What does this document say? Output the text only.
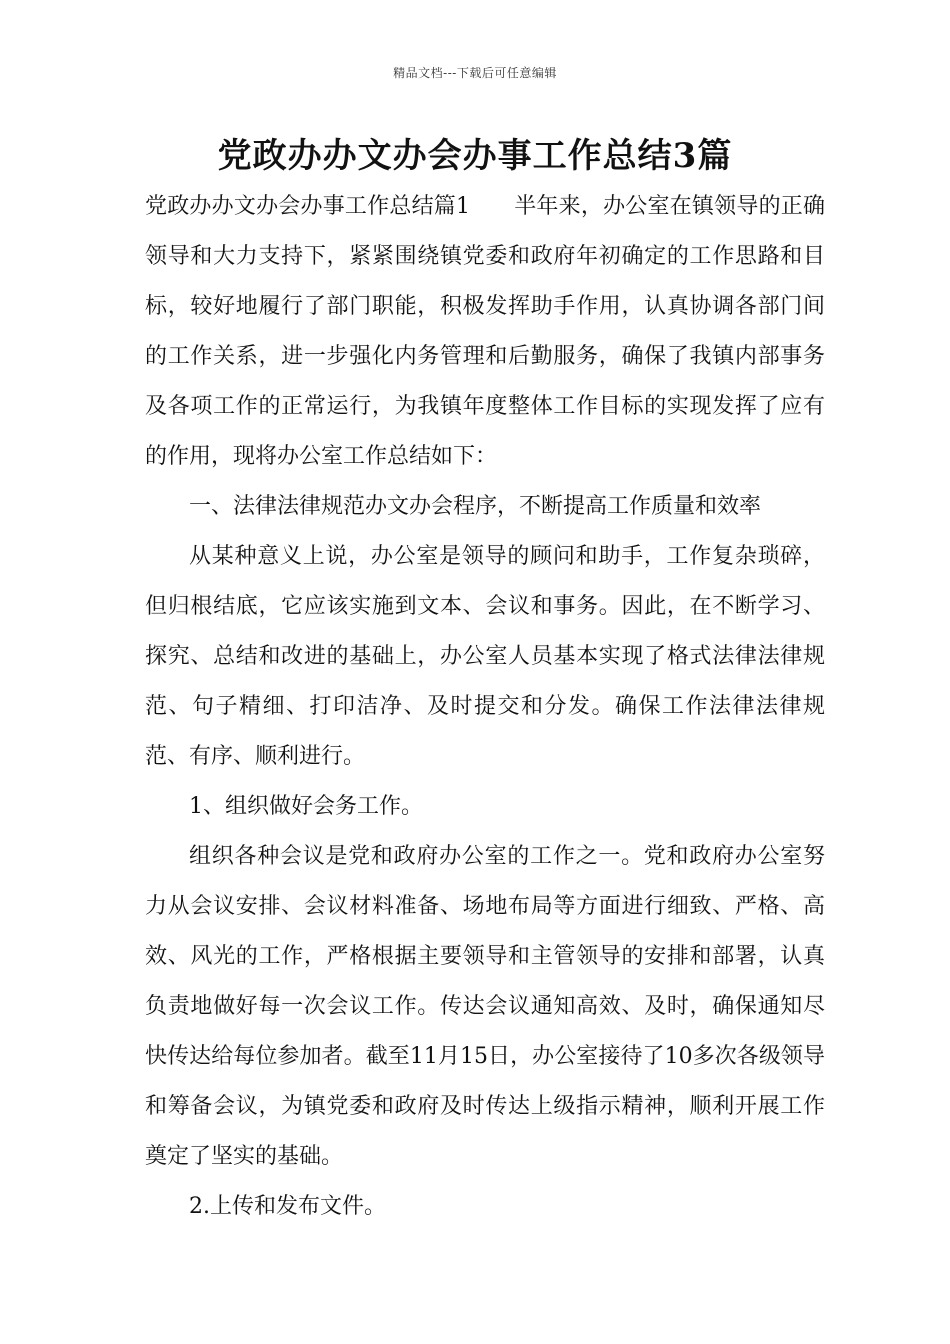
精品文档---下载后可任意编辑
党政办办文办会办事工作总结3篇

党政办办文办会办事工作总结篇1 半年来，办公室在镇领导的正确领导和大力支持下，紧紧围绕镇党委和政府年初确定的工作思路和目标，较好地履行了部门职能，积极发挥助手作用，认真协调各部门间的工作关系，进一步强化内务管理和后勤服务，确保了我镇内部事务及各项工作的正常运行，为我镇年度整体工作目标的实现发挥了应有的作用，现将办公室工作总结如下：

一、法律法律规范办文办会程序，不断提高工作质量和效率

从某种意义上说，办公室是领导的顾问和助手，工作复杂琐碎，但归根结底，它应该实施到文本、会议和事务。因此，在不断学习、探究、总结和改进的基础上，办公室人员基本实现了格式法律法律规范、句子精细、打印洁净、及时提交和分发。确保工作法律法律规范、有序、顺利进行。

1、组织做好会务工作。

组织各种会议是党和政府办公室的工作之一。党和政府办公室努力从会议安排、会议材料准备、场地布局等方面进行细致、严格、高效、风光的工作，严格根据主要领导和主管领导的安排和部署，认真负责地做好每一次会议工作。传达会议通知高效、及时，确保通知尽快传达给每位参加者。截至11月15日，办公室接待了10多次各级领导和筹备会议，为镇党委和政府及时传达上级指示精神，顺利开展工作奠定了坚实的基础。

2.上传和发布文件。
